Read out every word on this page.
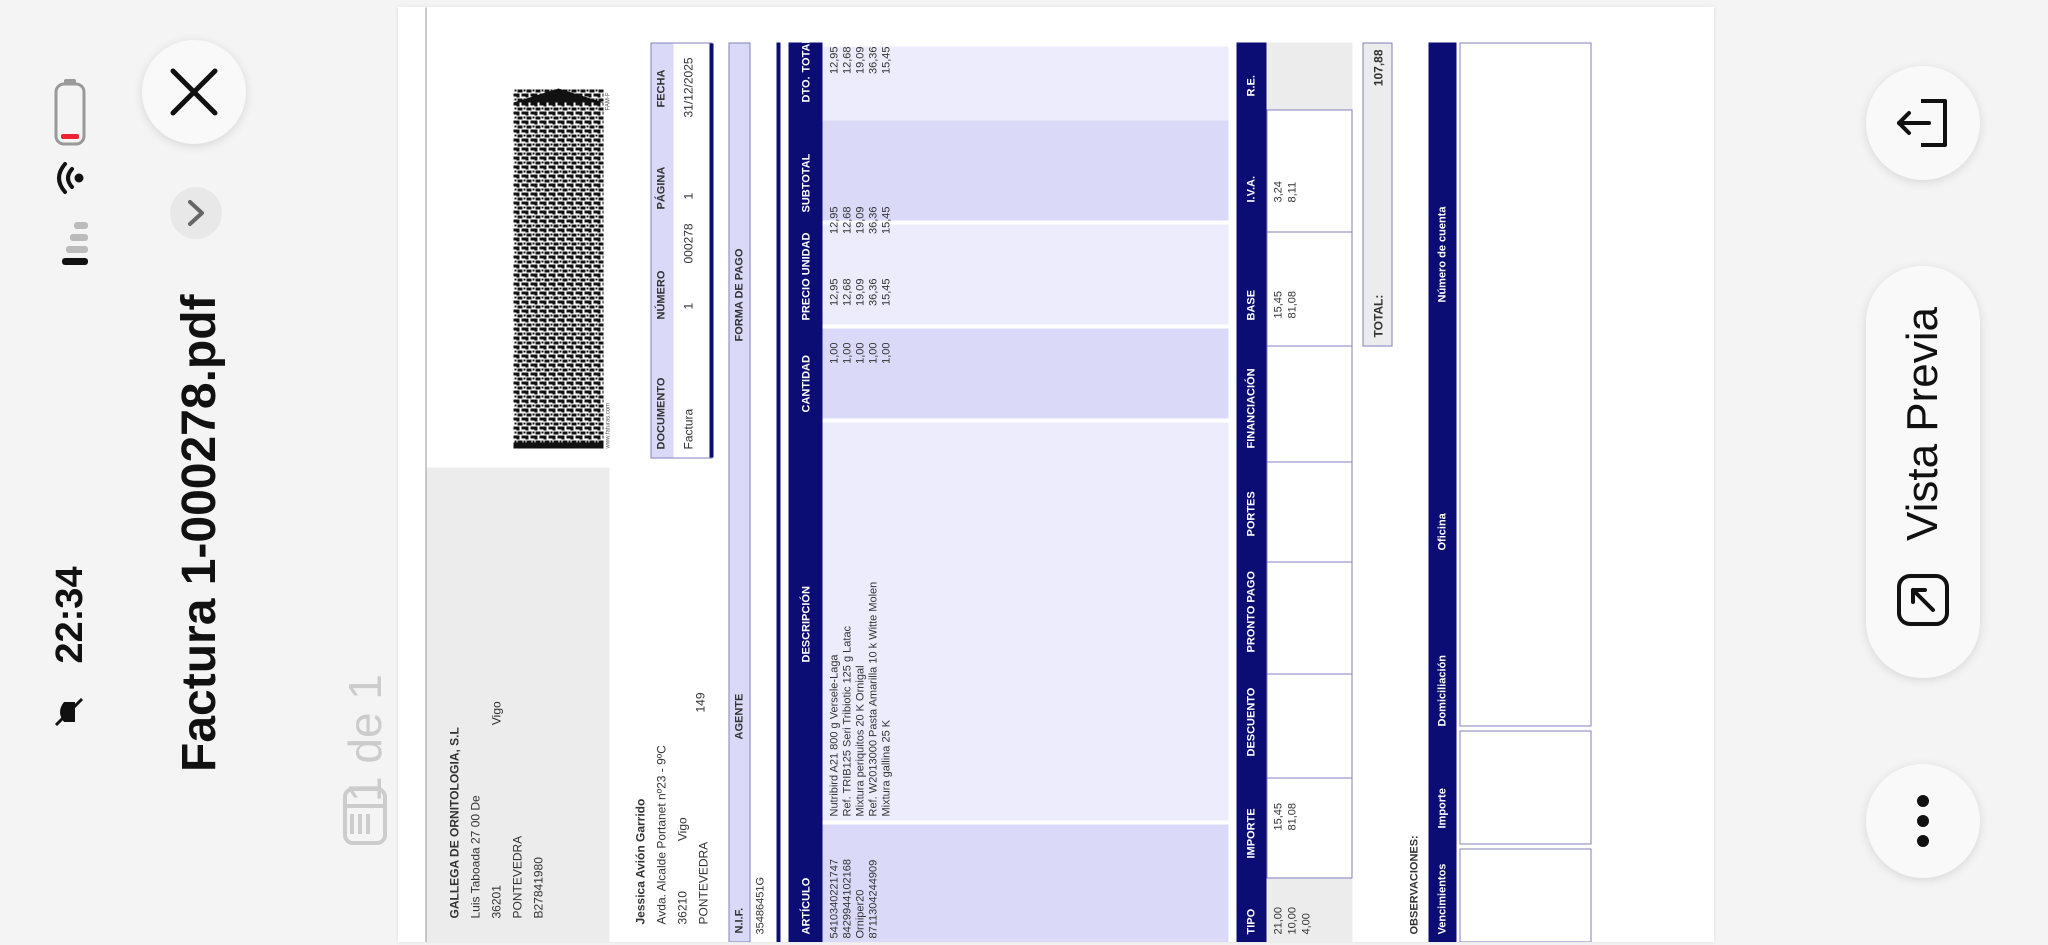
22:34 Factura 1-000278.pdf 1 de 1
Vista Previa
GALLEGA DE ORNITOLOGIA, S.L Luis Taboada 27 00 De 36201Vigo
PONTEVEDRA B27841980
www.faturas.com
FAM-F
Jessica Avión Garrido Avda. Alcalde Portanet nº23 - 9ºC 36210Vigo
PONTEVEDRA
149
DOCUMENTO
NÚMERO
PÁGINA
FECHA
Factura
1
000278
1
31/12/2025
N.I.F.
AGENTE
FORMA DE PAGO
35486451G	ARTÍCULO
DESCRIPCIÓN
CANTIDAD
PRECIO UNIDAD
SUBTOTAL
DTO.
TOTAL
5410340221747
Nutribird A21 800 g Versele-Laga
1,00
12,95
12,95
12,95
8429944102168
Ref. TRIB125 Seri Tribiotic 125 g Latac
1,00
12,68
12,68
12,68
Orniper20
Mixtura periquitos 20 K Ornigal
1,00
19,09
19,09
19,09
8711304244909
Ref. W2013000 Pasta Amarilla 10 k Witte Molen
1,00
36,36
36,36
36,36
Mixtura gallina 25 K
1,00
15,45
15,45
15,45
TIPO
IMPORTE
DESCUENTO
PRONTO PAGO
PORTES
FINANCIACIÓN
BASE
I.V.A.
R.E.
21,00
15,45
15,45
3,24
10,00
81,08
81,08
8,11
4,00	OBSERVACIONES:
TOTAL:
107,88
Vencimientos
Importe
Domiciliación
Oficina
Número de cuenta
